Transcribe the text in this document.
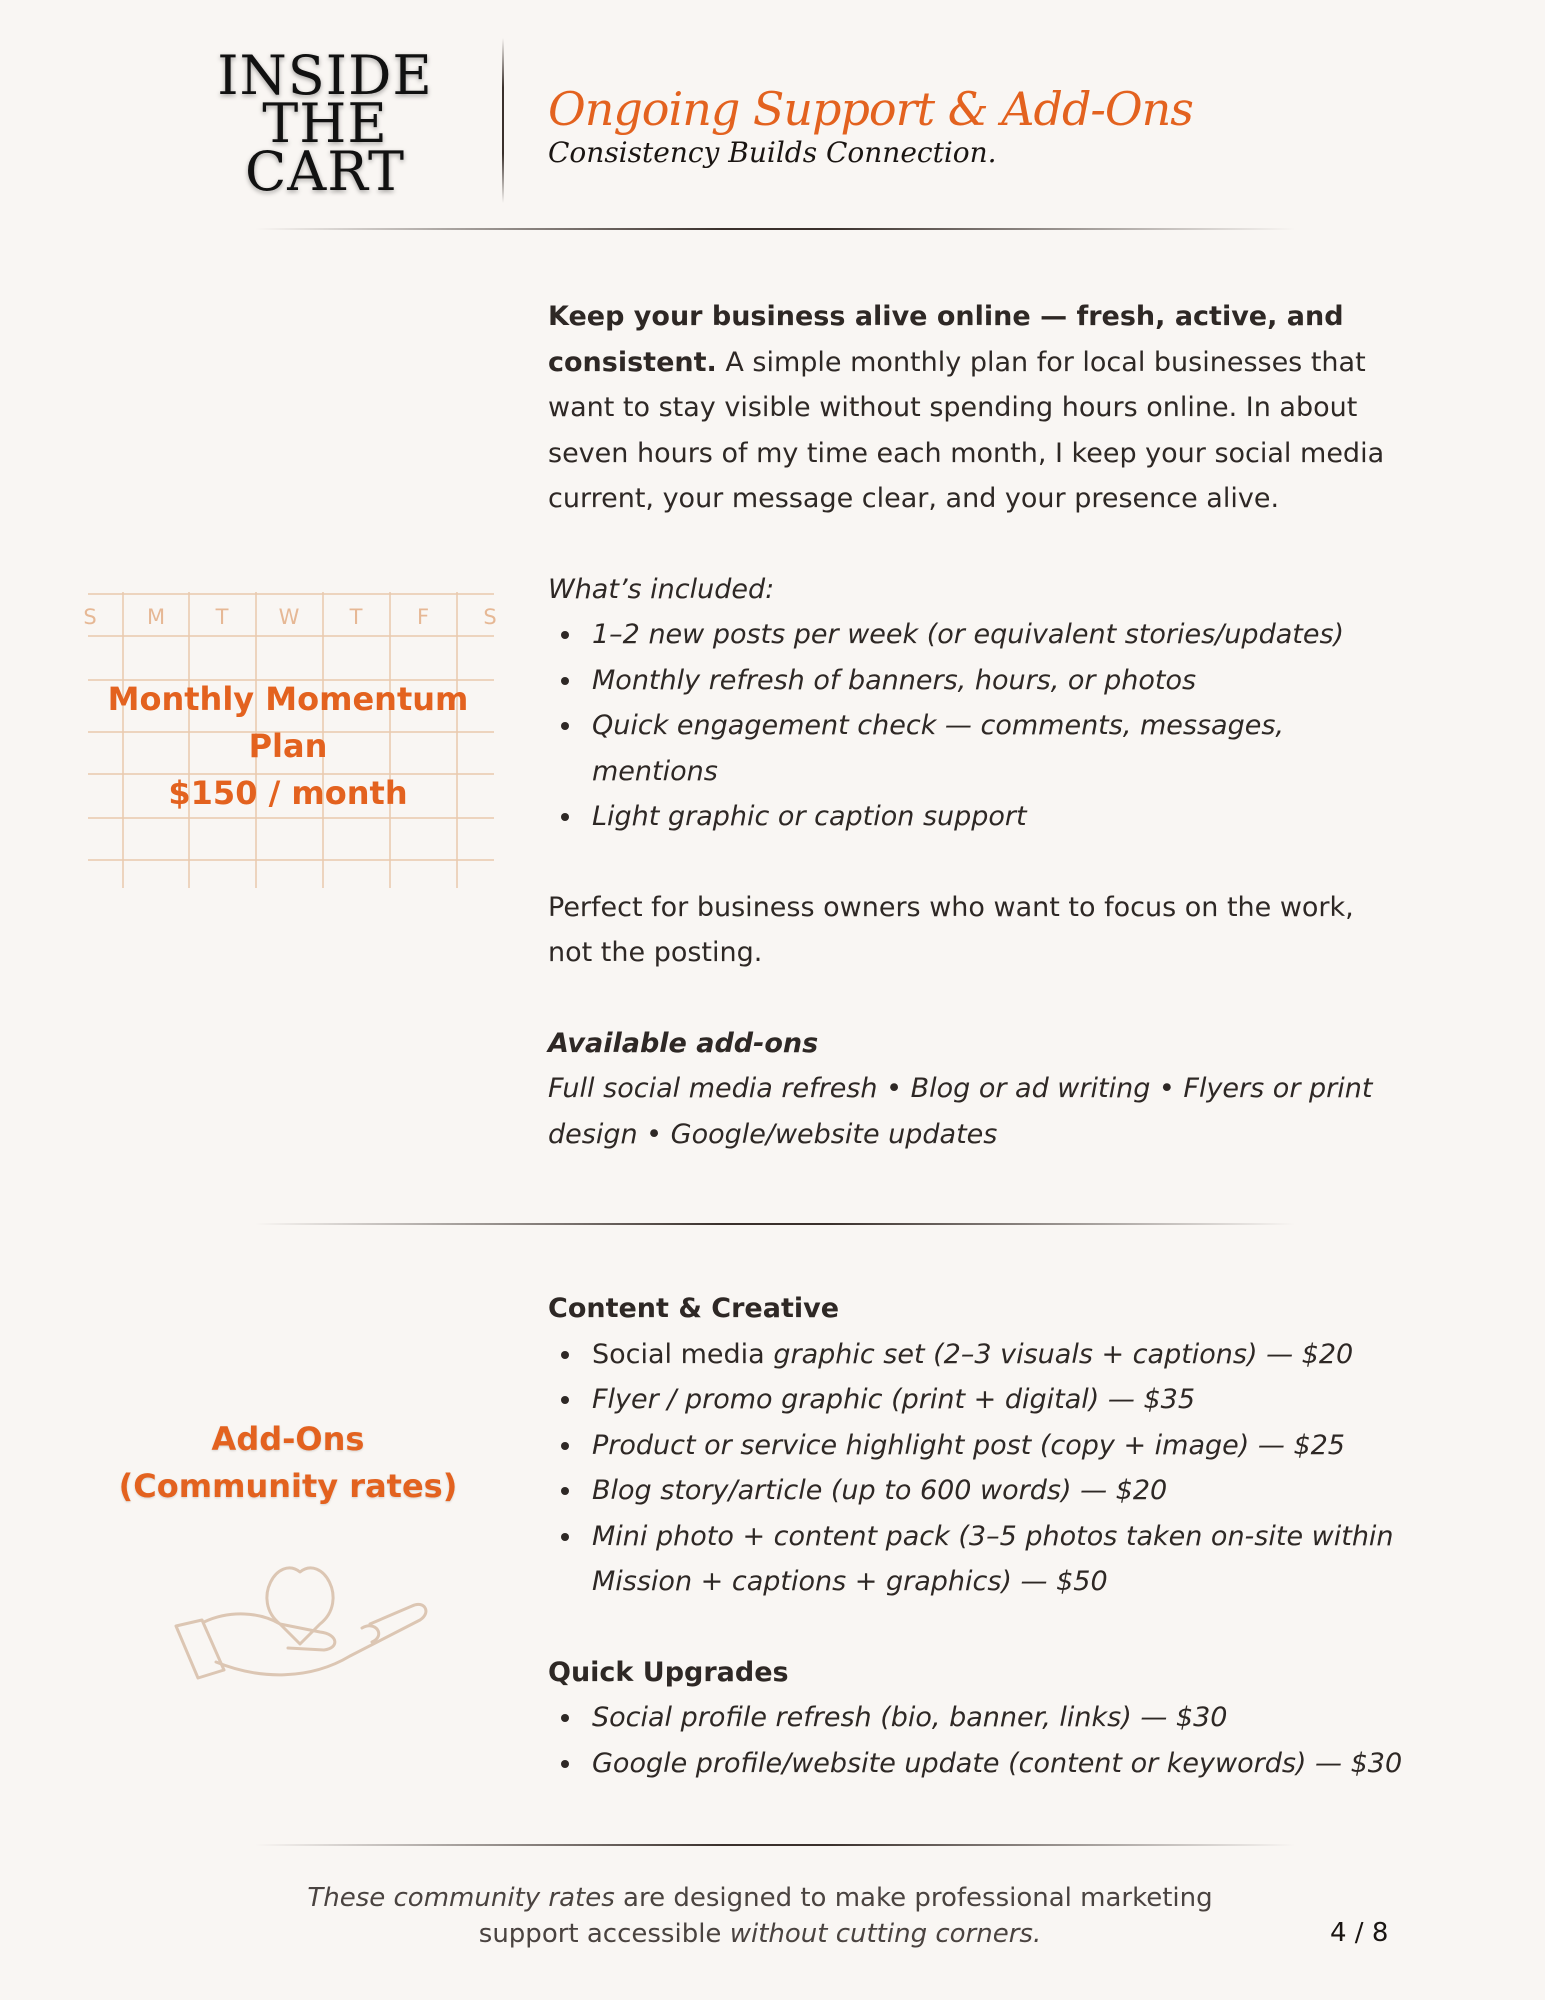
INSIDE
THE
CART
Ongoing Support & Add-Ons
Consistency Builds Connection.
S M T W T	F	S
Monthly Momentum
Plan
$150 / month

Keep your business alive online — fresh, active, and consistent. A simple monthly plan for local businesses that want to stay visible without spending hours online. In about seven hours of my time each month, I keep your social media current, your message clear, and your presence alive.

What’s included:

1–2 new posts per week (or equivalent stories/updates)
Monthly refresh of banners, hours, or photos
Quick engagement check — comments, messages, mentions
Light graphic or caption support

Perfect for business owners who want to focus on the work, not the posting.

Available add-ons

Full social media refresh • Blog or ad writing • Flyers or print design • Google/website updates

Add-Ons
(Community rates)

Content & Creative

Social media graphic set (2–3 visuals + captions) — $20
Flyer / promo graphic (print + digital) — $35
Product or service highlight post (copy + image) — $25
Blog story/article (up to 600 words) — $20
Mini photo + content pack (3–5 photos taken on-site within Mission + captions + graphics) — $50

Quick Upgrades

Social profile refresh (bio, banner, links) — $30
Google profile/website update (content or keywords) — $30
These community rates are designed to make professional marketing support accessible without cutting corners.	4 / 8
